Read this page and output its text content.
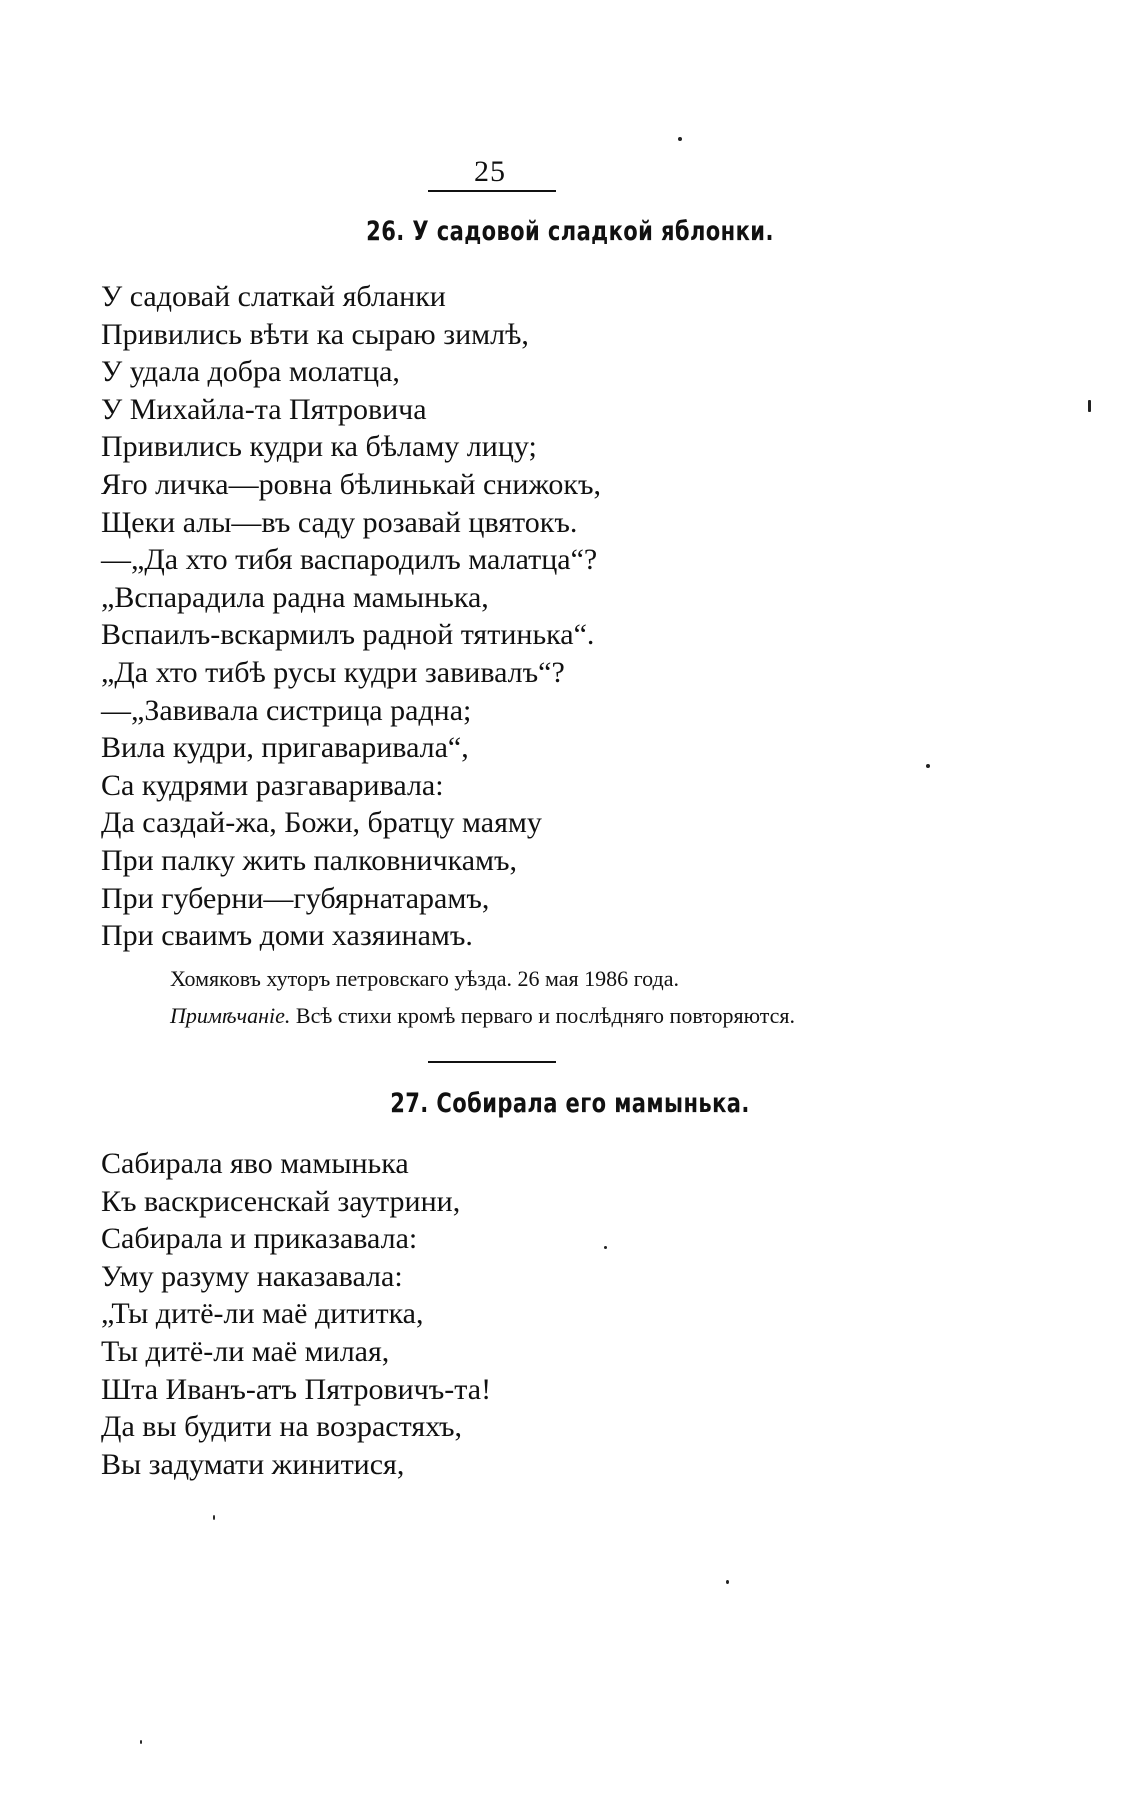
25
26. У садовой сладкой яблонки.
У садовай слаткай ябланки
Привились вѣти ка сыраю зимлѣ,
У удала добра молатца,
У Михайла-та Пятровича
Привились кудри ка бѣламу лицу;
Яго личка—ровна бѣлинькай снижокъ,
Щеки алы—въ саду розавай цвятокъ.
—„Да хто тибя васпародилъ малатца“?
„Вспарадила радна мамынька,
Вспаилъ-вскармилъ радной тятинька“.
„Да хто тибѣ русы кудри завивалъ“?
—„Завивала систрица радна;
Вила кудри, пригаваривала“,
Са кудрями разгаваривала:
Да саздай-жа, Божи, братцу маяму
При палку жить палковничкамъ,
При губерни—губярнатарамъ,
При сваимъ доми хазяинамъ.
Хомяковъ хуторъ петровскаго уѣзда. 26 мая 1986 года.
Примѣчаніе. Всѣ стихи кромѣ перваго и послѣдняго повторяются.
27. Собирала его мамынька.
Сабирала яво мамынька
Къ васкрисенскай заутрини,
Сабирала и приказавала:
Уму разуму наказавала:
„Ты дитё-ли маё дититка,
Ты дитё-ли маё милая,
Шта Иванъ-атъ Пятровичъ-та!
Да вы будити на возрастяхъ,
Вы задумати жинитися,
